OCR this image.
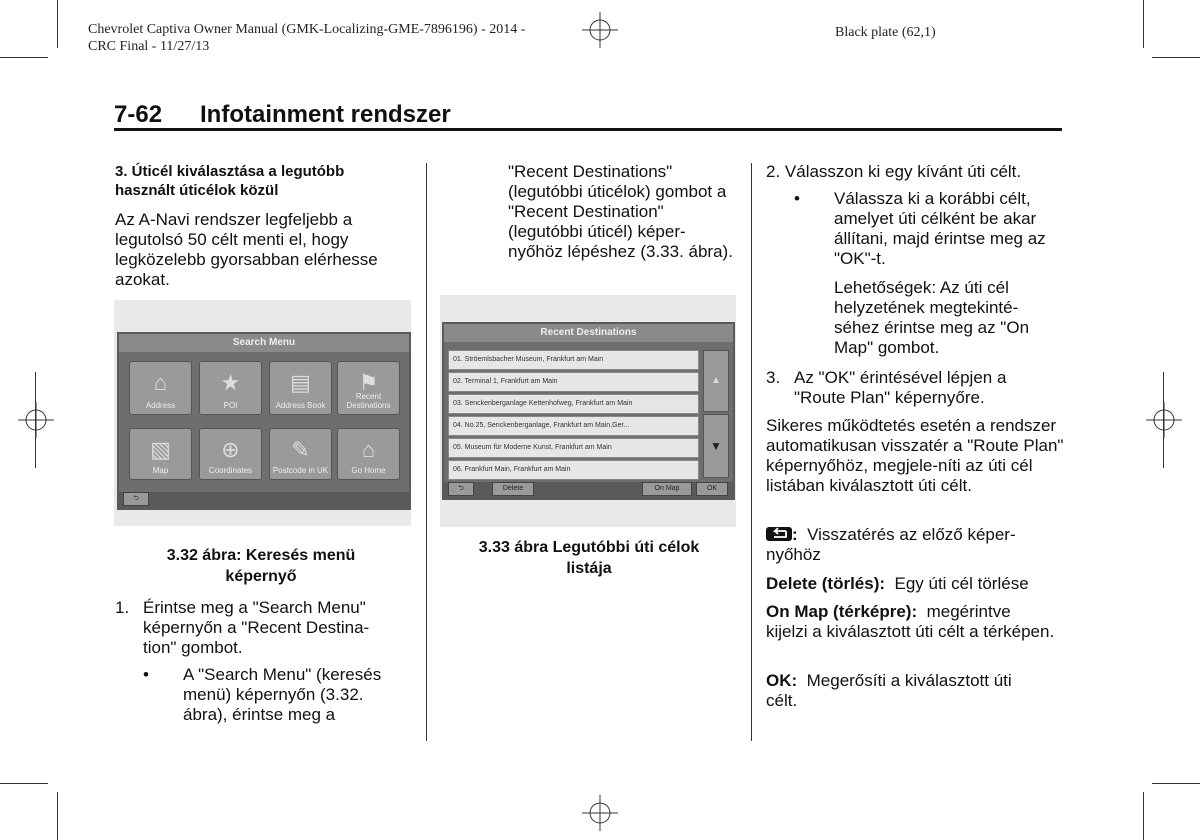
Chevrolet Captiva Owner Manual (GMK-Localizing-GME-7896196) - 2014 -
CRC Final - 11/27/13
Black plate (62,1)
7-62 Infotainment rendszer
3. Úticél kiválasztása a legutóbb használt úticélok közül
Az A-Navi rendszer legfeljebb a legutolsó 50 célt menti el, hogy legközelebb gyorsabban elérhesse azokat.
Search Menu
⌂
Address
★
POI
▤
Address Book
⚑
Recent Destinations
▧
Map
⊕
Coordinates
✎
Postcode in UK
⌂
Go Home
⮌
3.32 ábra: Keresés menü képernyő
1. Érintse meg a "Search Menu" képernyőn a "Recent Destina-tion" gombot.
• A "Search Menu" (keresés menü) képernyőn (3.32. ábra), érintse meg a
"Recent Destinations" (legutóbbi úticélok) gombot a "Recent Destination" (legutóbbi úticél) képer-nyőhöz lépéshez (3.33. ábra).
Recent Destinations
01. Ströemlsbacher Museum, Frankfurt am Main
02. Terminal 1, Frankfurt am Main
03. Senckenberganlage Kettenhofweg, Frankfurt am Main
04. No.25, Senckenberganlage, Frankfurt am Main,Ger...
05. Museum für Moderne Kunst, Frankfurt am Main
06. Frankfurt Main, Frankfurt am Main
▲
▼
⮌	Delete	On Map	OK
3.33 ábra Legutóbbi úti célok listája
2. Válasszon ki egy kívánt úti célt.
• Válassza ki a korábbi célt, amelyet úti célként be akar állítani, majd érintse meg az "OK"-t.
Lehetőségek: Az úti cél helyzetének megtekinté-séhez érintse meg az "On Map" gombot.
3. Az "OK" érintésével lépjen a "Route Plan" képernyőre.
Sikeres működtetés esetén a rendszer automatikusan visszatér a "Route Plan" képernyőhöz, megjele-níti az úti cél listában kiválasztott úti célt.
: Visszatérés az előző képer-nyőhöz
Delete (törlés): Egy úti cél törlése
On Map (térképre): megérintve kijelzi a kiválasztott úti célt a térképen.
OK: Megerősíti a kiválasztott úti célt.
